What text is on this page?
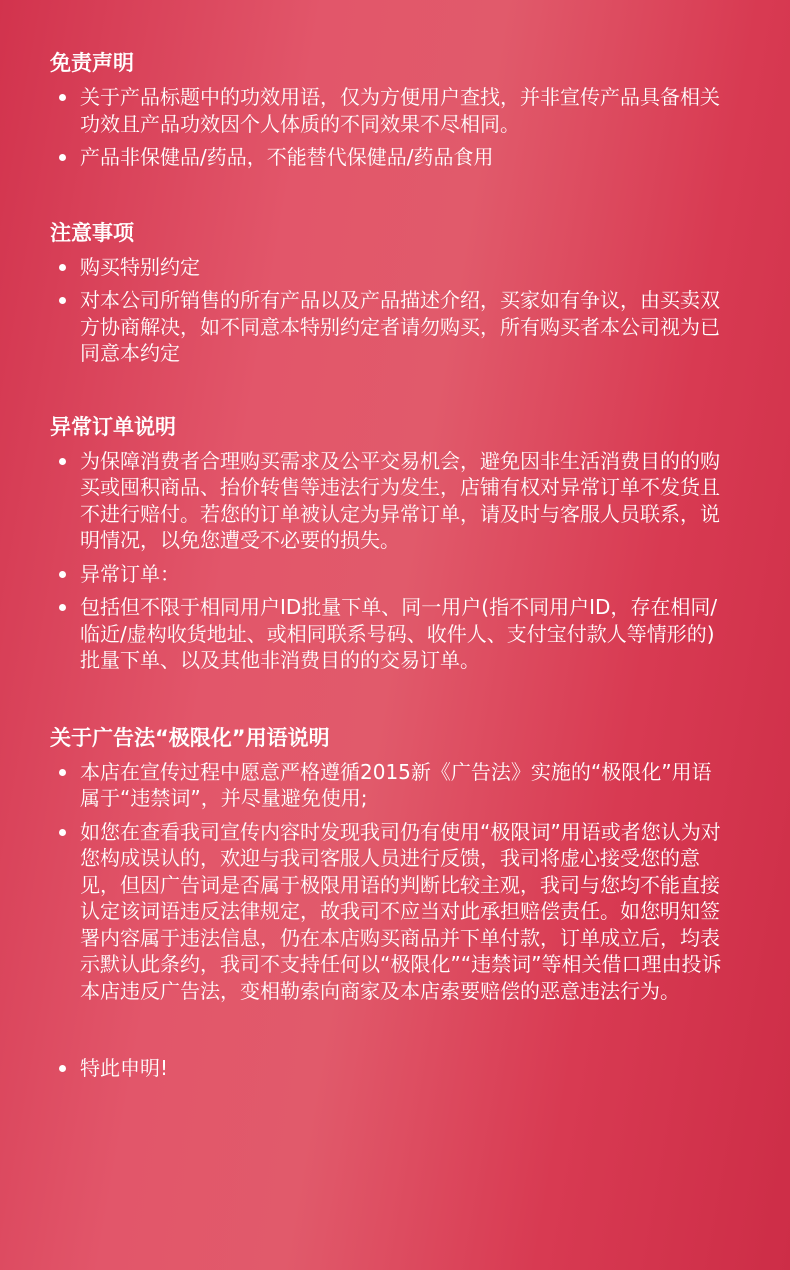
免责声明
关于产品标题中的功效用语，仅为方便用户查找，并非宣传产品具备相关功效且产品功效因个人体质的不同效果不尽相同。
产品非保健品/药品，不能替代保健品/药品食用
注意事项
购买特别约定
对本公司所销售的所有产品以及产品描述介绍，买家如有争议，由买卖双方协商解决，如不同意本特别约定者请勿购买，所有购买者本公司视为已同意本约定
异常订单说明
为保障消费者合理购买需求及公平交易机会，避免因非生活消费目的的购买或囤积商品、抬价转售等违法行为发生，店铺有权对异常订单不发货且不进行赔付。若您的订单被认定为异常订单，请及时与客服人员联系，说明情况，以免您遭受不必要的损失。
异常订单：
包括但不限于相同用户ID批量下单、同一用户(指不同用户ID，存在相同/临近/虚构收货地址、或相同联系号码、收件人、支付宝付款人等情形的)批量下单、以及其他非消费目的的交易订单。
关于广告法“极限化”用语说明
本店在宣传过程中愿意严格遵循2015新《广告法》实施的“极限化”用语属于“违禁词”，并尽量避免使用;
如您在查看我司宣传内容时发现我司仍有使用“极限词”用语或者您认为对您构成误认的，欢迎与我司客服人员进行反馈，我司将虚心接受您的意见，但因广告词是否属于极限用语的判断比较主观，我司与您均不能直接认定该词语违反法律规定，故我司不应当对此承担赔偿责任。如您明知签署内容属于违法信息，仍在本店购买商品并下单付款，订单成立后，均表示默认此条约，我司不支持任何以“极限化”“违禁词”等相关借口理由投诉本店违反广告法，变相勒索向商家及本店索要赔偿的恶意违法行为。
特此申明!
